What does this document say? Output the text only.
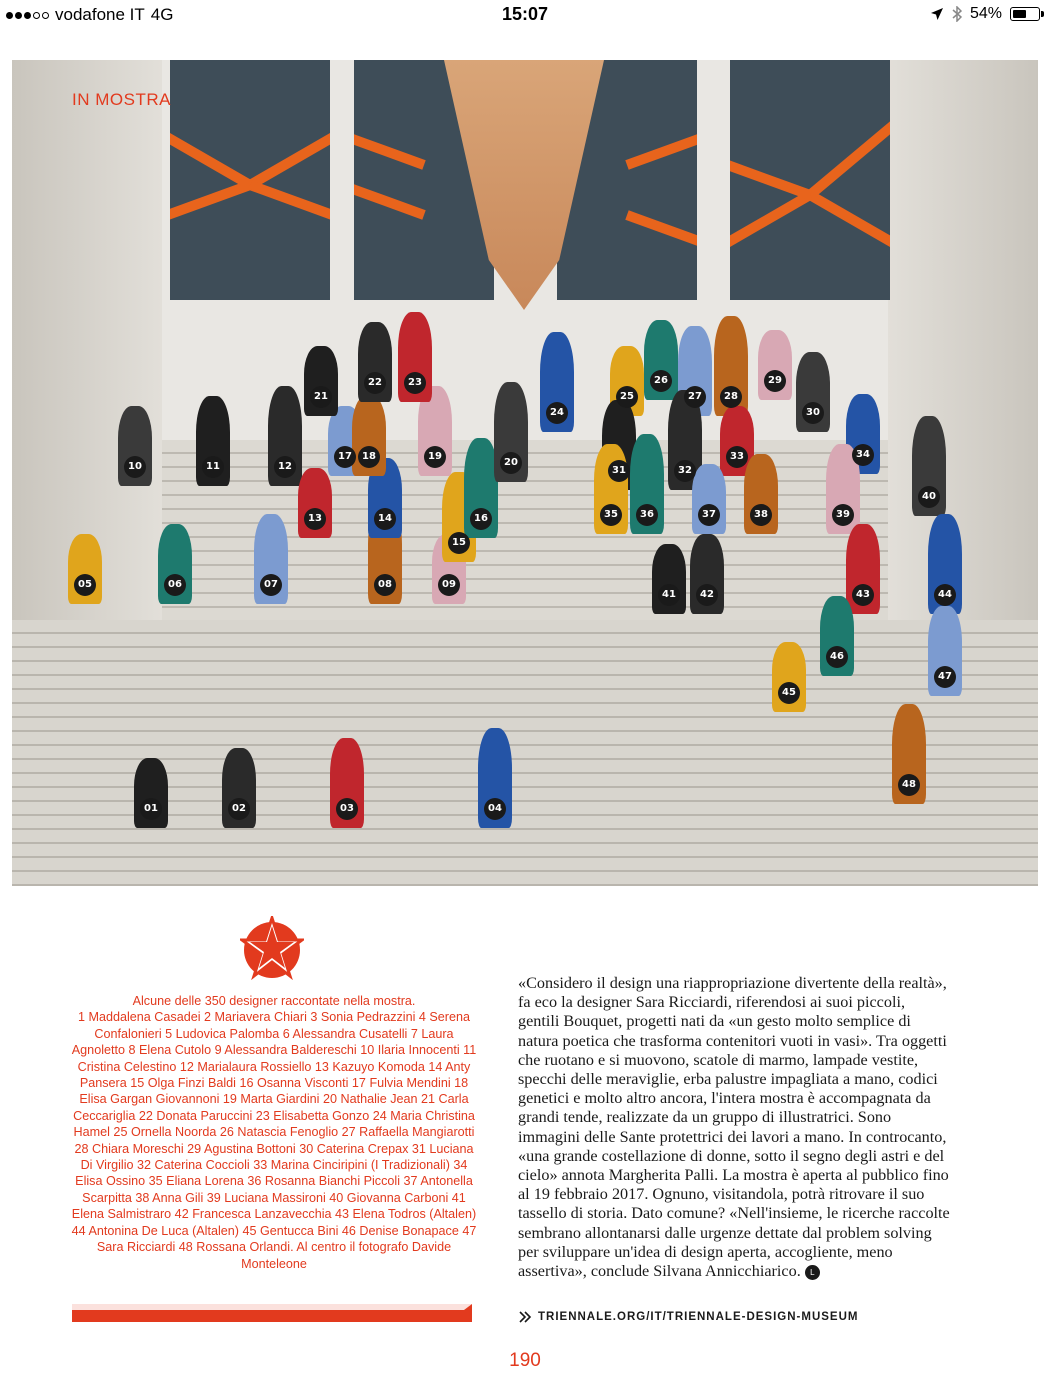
vodafone IT 4G	15:07	54%
01	02	03	04
05	06	07	08	09
10	11	12
13	14
15
16
17	18	19
20
21
22	23
24
25
26
27	28
29
30
31	32
33	34
35	36	37	38	39
40
41	42	43	44
45
46
47
48
IN MOSTRA
Alcune delle 350 designer raccontate nella mostra.
1 Maddalena Casadei 2 Mariavera Chiari 3 Sonia Pedrazzini 4 Serena Confalonieri 5 Ludovica Palomba 6 Alessandra Cusatelli 7 Laura Agnoletto 8 Elena Cutolo 9 Alessandra Baldereschi 10 Ilaria Innocenti 11 Cristina Celestino 12 Marialaura Rossiello 13 Kazuyo Komoda 14 Anty Pansera 15 Olga Finzi Baldi 16 Osanna Visconti 17 Fulvia Mendini 18 Elisa Gargan Giovannoni 19 Marta Giardini 20 Nathalie Jean 21 Carla Ceccariglia 22 Donata Paruccini 23 Elisabetta Gonzo 24 Maria Christina Hamel 25 Ornella Noorda 26 Natascia Fenoglio 27 Raffaella Mangiarotti 28 Chiara Moreschi 29 Agustina Bottoni 30 Caterina Crepax 31 Luciana Di Virgilio 32 Caterina Coccioli 33 Marina Cinciripini (I Tradizionali) 34 Elisa Ossino 35 Eliana Lorena 36 Rosanna Bianchi Piccoli 37 Antonella Scarpitta 38 Anna Gili 39 Luciana Massironi 40 Giovanna Carboni 41 Elena Salmistraro 42 Francesca Lanzavecchia 43 Elena Todros (Altalen) 44 Antonina De Luca (Altalen) 45 Gentucca Bini 46 Denise Bonapace 47 Sara Ricciardi 48 Rossana Orlandi. Al centro il fotografo Davide Monteleone
«Considero il design una riappropriazione divertente della realtà», fa eco la designer Sara Ricciardi, riferendosi ai suoi piccoli, gentili Bouquet, progetti nati da «un gesto molto semplice di natura poetica che trasforma contenitori vuoti in vasi». Tra oggetti che ruotano e si muovono, scatole di marmo, lampade vestite, specchi delle meraviglie, erba palustre impagliata a mano, codici genetici e molto altro ancora, l'intera mostra è accompagnata da grandi tende, realizzate da un gruppo di illustratrici. Sono immagini delle Sante protettrici dei lavori a mano. In controcanto, «una grande costellazione di donne, sotto il segno degli astri e del cielo» annota Margherita Palli. La mostra è aperta al pubblico fino al 19 febbraio 2017. Ognuno, visitandola, potrà ritrovare il suo tassello di storia. Dato comune? «Nell'insieme, le ricerche raccolte sembrano allontanarsi dalle urgenze dettate dal problem solving per sviluppare un'idea di design aperta, accogliente, meno assertiva», conclude Silvana Annicchiarico. L
TRIENNALE.ORG/IT/TRIENNALE-DESIGN-MUSEUM
190
